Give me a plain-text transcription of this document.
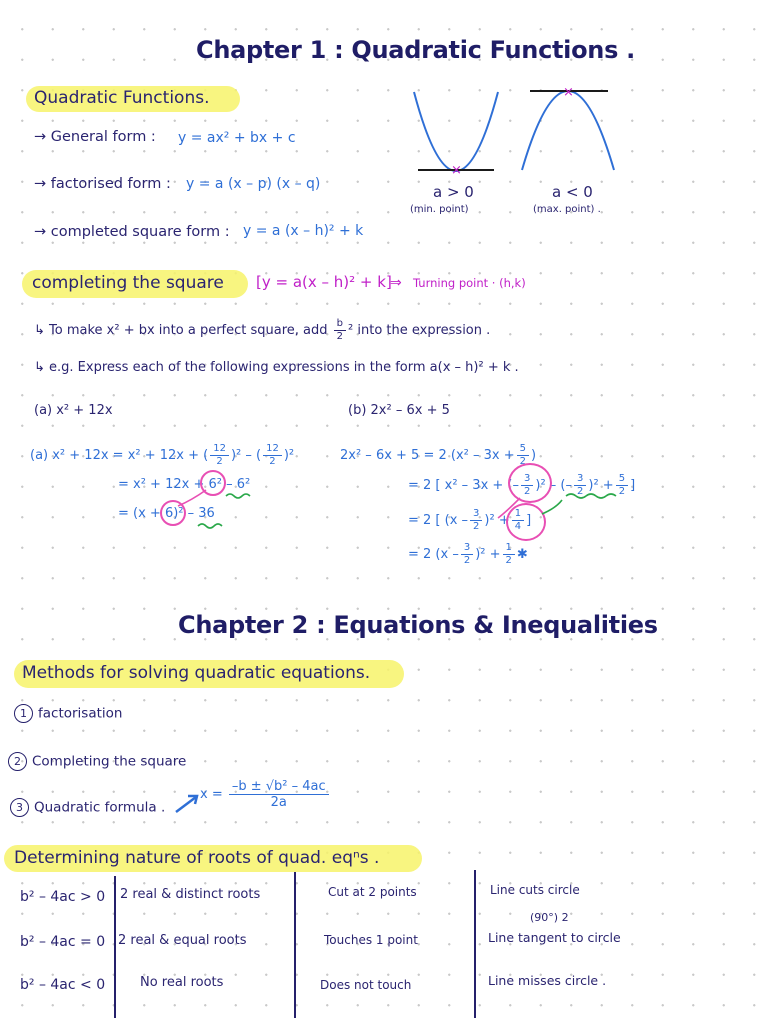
Chapter 1 : Quadratic Functions .
Quadratic Functions.
→ General form : y = ax² + bx + c
→ factorised form : y = a (x – p) (x – q)
→ completed square form : y = a (x – h)² + k
×
×
a > 0
(min. point)
a < 0
(max. point) .
completing the square [y = a(x – h)² + k]
⇒ Turning point · (h,k)
↳ To make x² + bx into a perfect square, add $\frac{b}{2} ^2$ into the expression .
↳ e.g. Express each of the following expressions in the form a(x – h)² + k .
(a) x² + 12x	(b) 2x² – 6x + 5
(a) x² + 12x = x² + 12x + ( $\frac{12}{2} )^2$ – ( $\frac{12}{2} )^2$
= x² + 12x + 6² – 6²
= (x + 6)² – 36
2x² – 6x + 5 = 2 ($x^2 - 3x + \frac{5}{2}$ )
= 2 [ x² – 3x + (– $\frac{3}{2} )^2$ – (– $\frac{3}{2} )^2 + \frac{5}{2}$ ]
= 2 [ $(x - \frac{3}{2} )^2 + \frac{1}{4}$ ]
= 2 $(x - \frac{3}{2} )^2 + \frac{1}{2}$ ✱
Chapter 2 : Equations & Inequalities
Methods for solving quadratic equations.
1 factorisation
2 Completing the square
3 Quadratic formula .
$x = \frac{\text{–b ± √b² – 4ac}}{2a}$
Determining nature of roots of quad. eqⁿs .
b² – 4ac > 0 2 real & distinct roots	Cut at 2 points	Line cuts circle
(90°) 2
b² – 4ac = 0 2 real & equal roots	Touches 1 point	Line tangent to circle
b² – 4ac < 0	No real roots	Does not touch	Line misses circle .
